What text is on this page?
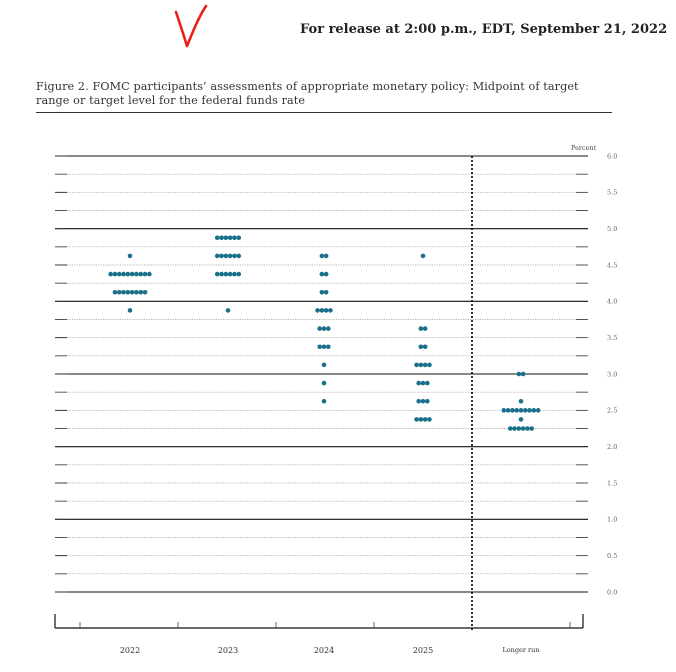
For release at 2:00 p.m., EDT, September 21, 2022
Figure 2. FOMC participants’ assessments of appropriate monetary policy: Midpoint of target range or target level for the federal funds rate
0.0
0.5
1.0
1.5
2.0
2.5
3.0
3.5
4.0
4.5
5.0
5.5
6.0
Percent
2022	2023	2024	2025	Longer run
